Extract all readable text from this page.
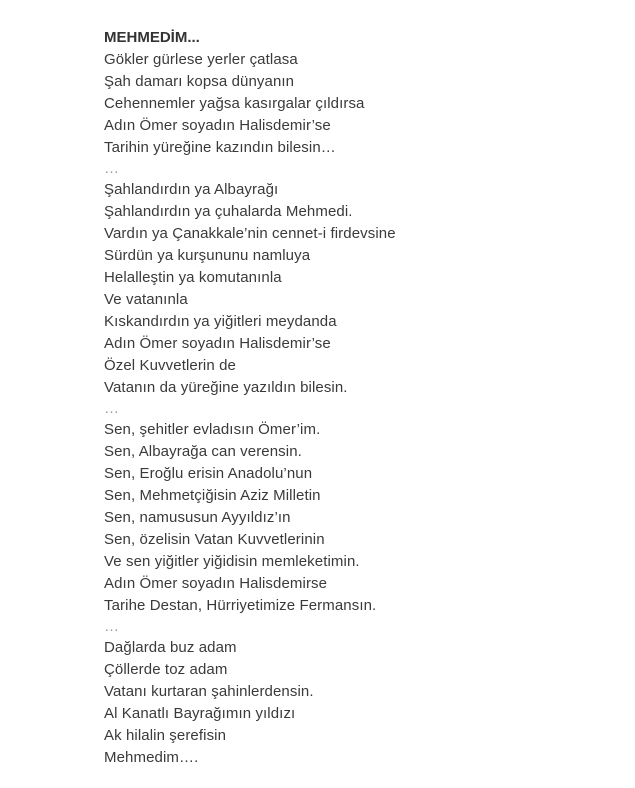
MEHMEDİM...
Gökler gürlese yerler çatlasa
Şah damarı kopsa dünyanın
Cehennemler yağsa kasırgalar çıldırsa
Adın Ömer soyadın Halisdemir’se
Tarihin yüreğine kazındın bilesin…
…
Şahlandırdın ya Albayrağı
Şahlandırdın ya çuhalarda Mehmedi.
Vardın ya Çanakkale’nin cennet-i firdevsine
Sürdün ya kurşununu namluya
Helalleştin ya komutanınla
Ve vatanınla
Kıskandırdın ya yiğitleri meydanda
Adın Ömer soyadın Halisdemir’se
Özel Kuvvetlerin de
Vatanın da yüreğine yazıldın bilesin.
…
Sen, şehitler evladısın Ömer’im.
Sen, Albayrağa can verensin.
Sen, Eroğlu erisin Anadolu’nun
Sen, Mehmetçiğisin Aziz Milletin
Sen, namususun Ayyıldız’ın
Sen, özelisin Vatan Kuvvetlerinin
Ve sen yiğitler yiğidisin memleketimin.
Adın Ömer soyadın Halisdemirse
Tarihe Destan, Hürriyetimize Fermansın.
…
Dağlarda buz adam
Çöllerde toz adam
Vatanı kurtaran şahinlerdensin.
Al Kanatlı Bayrağımın yıldızı
Ak hilalin şerefisin
Mehmedim….
